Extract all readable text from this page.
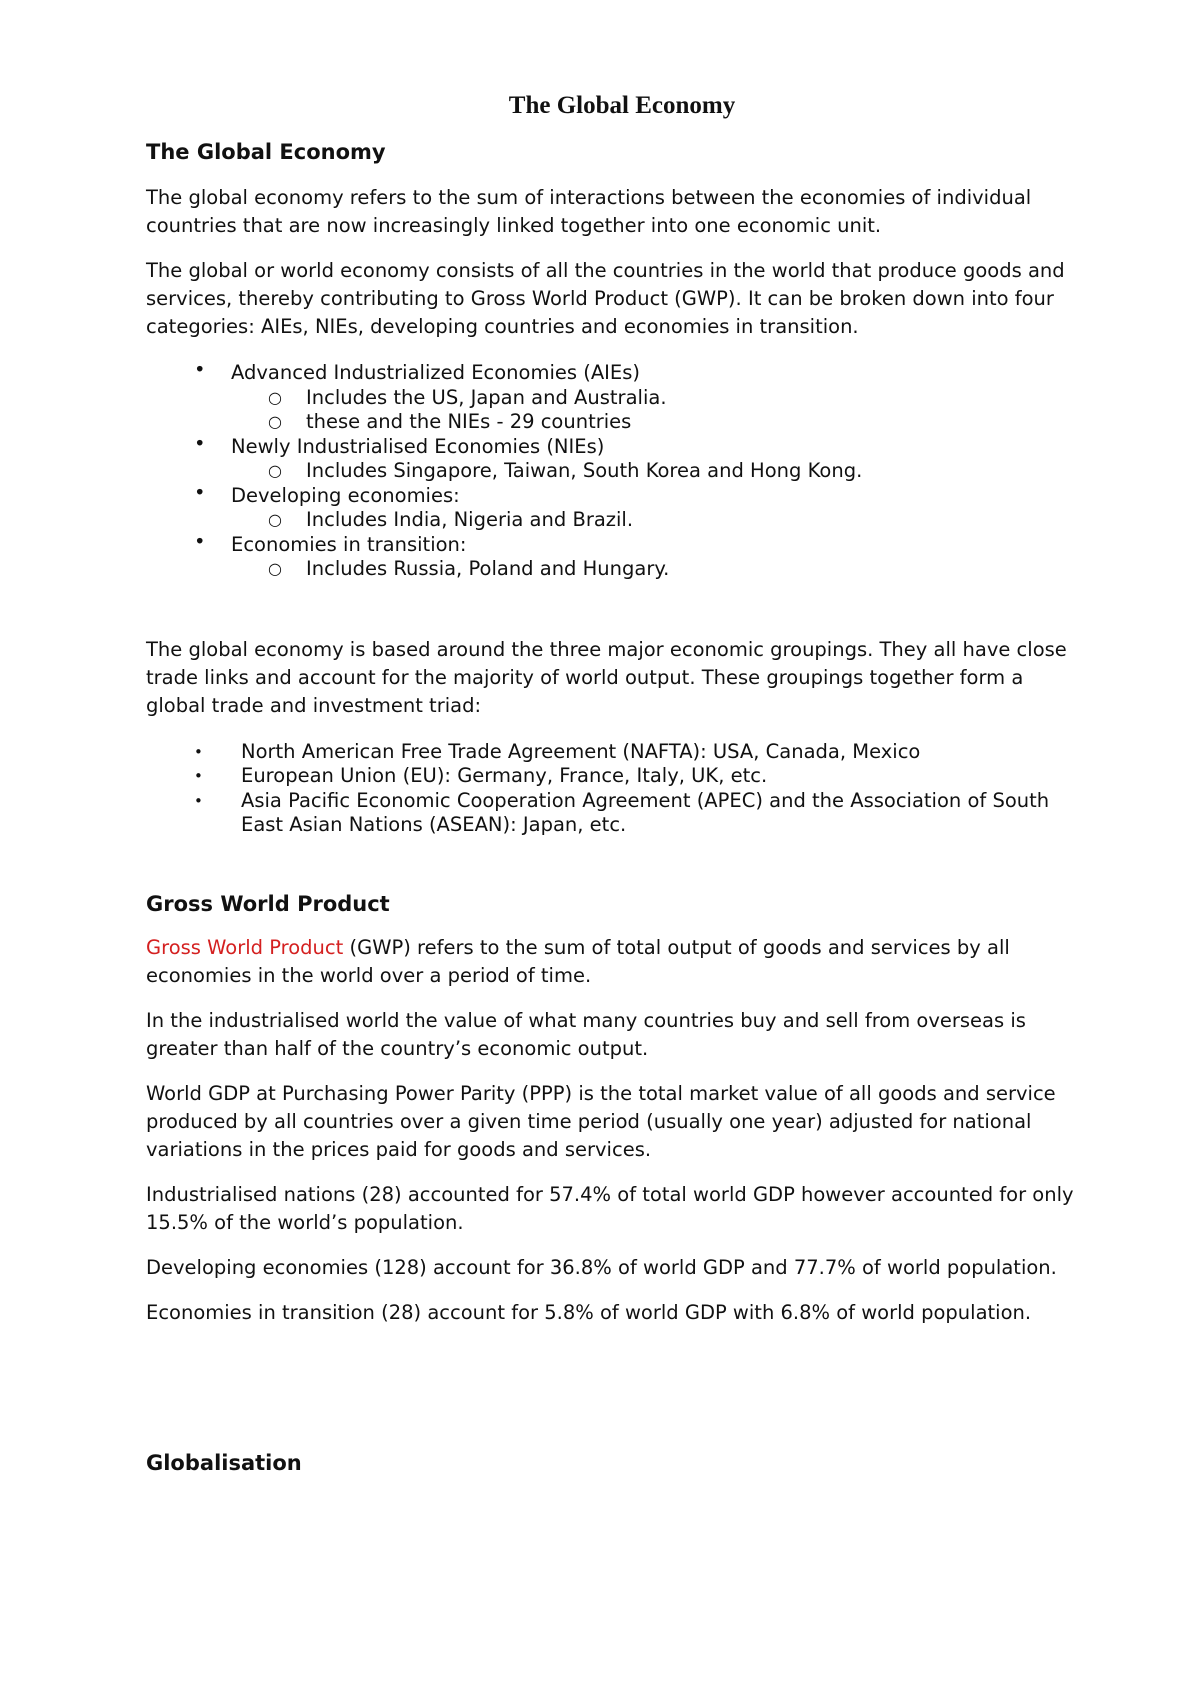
The Global Economy
The Global Economy

The global economy refers to the sum of interactions between the economies of individual countries that are now increasingly linked together into one economic unit.

The global or world economy consists of all the countries in the world that produce goods and services, thereby contributing to Gross World Product (GWP). It can be broken down into four categories: AIEs, NIEs, developing countries and economies in transition.

• Advanced Industrialized Economies (AIEs)
○ Includes the US, Japan and Australia.
○ these and the NIEs - 29 countries
• Newly Industrialised Economies (NIEs)
○ Includes Singapore, Taiwan, South Korea and Hong Kong.
• Developing economies:
○ Includes India, Nigeria and Brazil.
• Economies in transition:
○ Includes Russia, Poland and Hungary.

The global economy is based around the three major economic groupings. They all have close trade links and account for the majority of world output. These groupings together form a global trade and investment triad:

• North American Free Trade Agreement (NAFTA): USA, Canada, Mexico
• European Union (EU): Germany, France, Italy, UK, etc.
• Asia Pacific Economic Cooperation Agreement (APEC) and the Association of South East Asian Nations (ASEAN): Japan, etc.
Gross World Product

Gross World Product (GWP) refers to the sum of total output of goods and services by all economies in the world over a period of time.

In the industrialised world the value of what many countries buy and sell from overseas is greater than half of the country’s economic output.

World GDP at Purchasing Power Parity (PPP) is the total market value of all goods and service produced by all countries over a given time period (usually one year) adjusted for national variations in the prices paid for goods and services.

Industrialised nations (28) accounted for 57.4% of total world GDP however accounted for only 15.5% of the world’s population.

Developing economies (128) account for 36.8% of world GDP and 77.7% of world population.

Economies in transition (28) account for 5.8% of world GDP with 6.8% of world population.

Globalisation
